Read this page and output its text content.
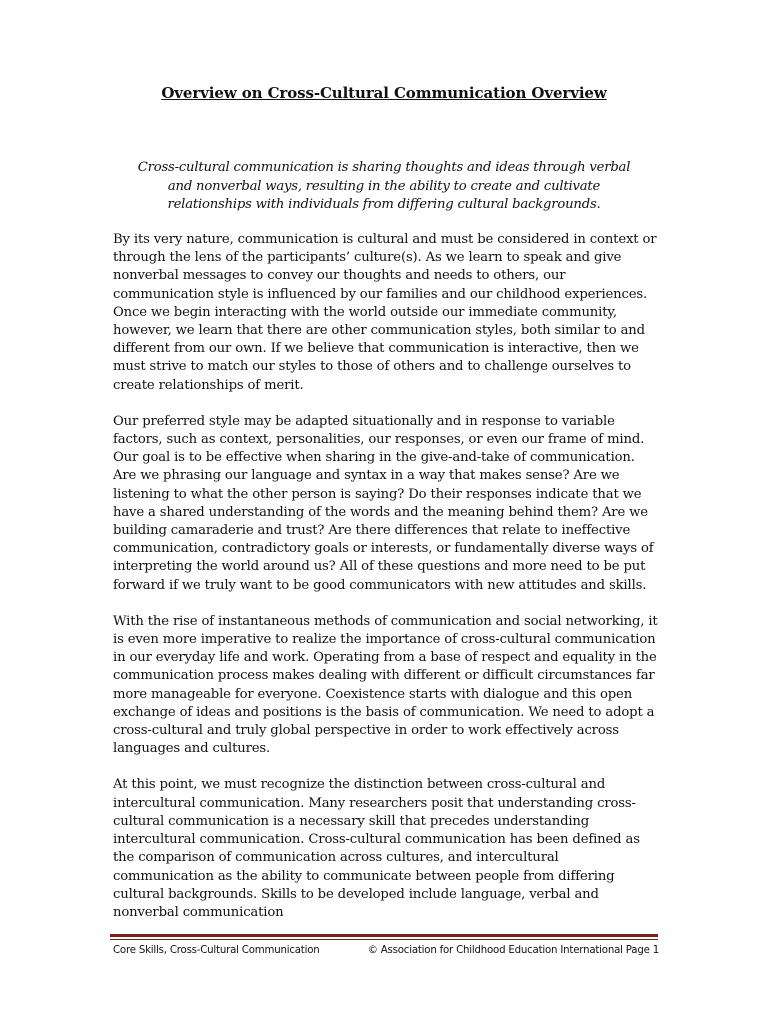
Overview on Cross-Cultural Communication Overview
Cross-cultural communication is sharing thoughts and ideas through verbal and nonverbal ways, resulting in the ability to create and cultivate relationships with individuals from differing cultural backgrounds.

By its very nature, communication is cultural and must be considered in context or through the lens of the participants’ culture(s). As we learn to speak and give nonverbal messages to convey our thoughts and needs to others, our communication style is influenced by our families and our childhood experiences. Once we begin interacting with the world outside our immediate community, however, we learn that there are other communication styles, both similar to and different from our own. If we believe that communication is interactive, then we must strive to match our styles to those of others and to challenge ourselves to create relationships of merit.

Our preferred style may be adapted situationally and in response to variable factors, such as context, personalities, our responses, or even our frame of mind. Our goal is to be effective when sharing in the give-and-take of communication. Are we phrasing our language and syntax in a way that makes sense? Are we listening to what the other person is saying? Do their responses indicate that we have a shared understanding of the words and the meaning behind them? Are we building camaraderie and trust? Are there differences that relate to ineffective communication, contradictory goals or interests, or fundamentally diverse ways of interpreting the world around us? All of these questions and more need to be put forward if we truly want to be good communicators with new attitudes and skills.

With the rise of instantaneous methods of communication and social networking, it is even more imperative to realize the importance of cross-cultural communication in our everyday life and work. Operating from a base of respect and equality in the communication process makes dealing with different or difficult circumstances far more manageable for everyone. Coexistence starts with dialogue and this open exchange of ideas and positions is the basis of communication. We need to adopt a cross-cultural and truly global perspective in order to work effectively across languages and cultures.

At this point, we must recognize the distinction between cross-cultural and intercultural communication. Many researchers posit that understanding cross-cultural communication is a necessary skill that precedes understanding intercultural communication. Cross-cultural communication has been defined as the comparison of communication across cultures, and intercultural communication as the ability to communicate between people from differing cultural backgrounds. Skills to be developed include language, verbal and nonverbal communication

Core Skills, Cross-Cultural Communication	© Association for Childhood Education International Page 1
